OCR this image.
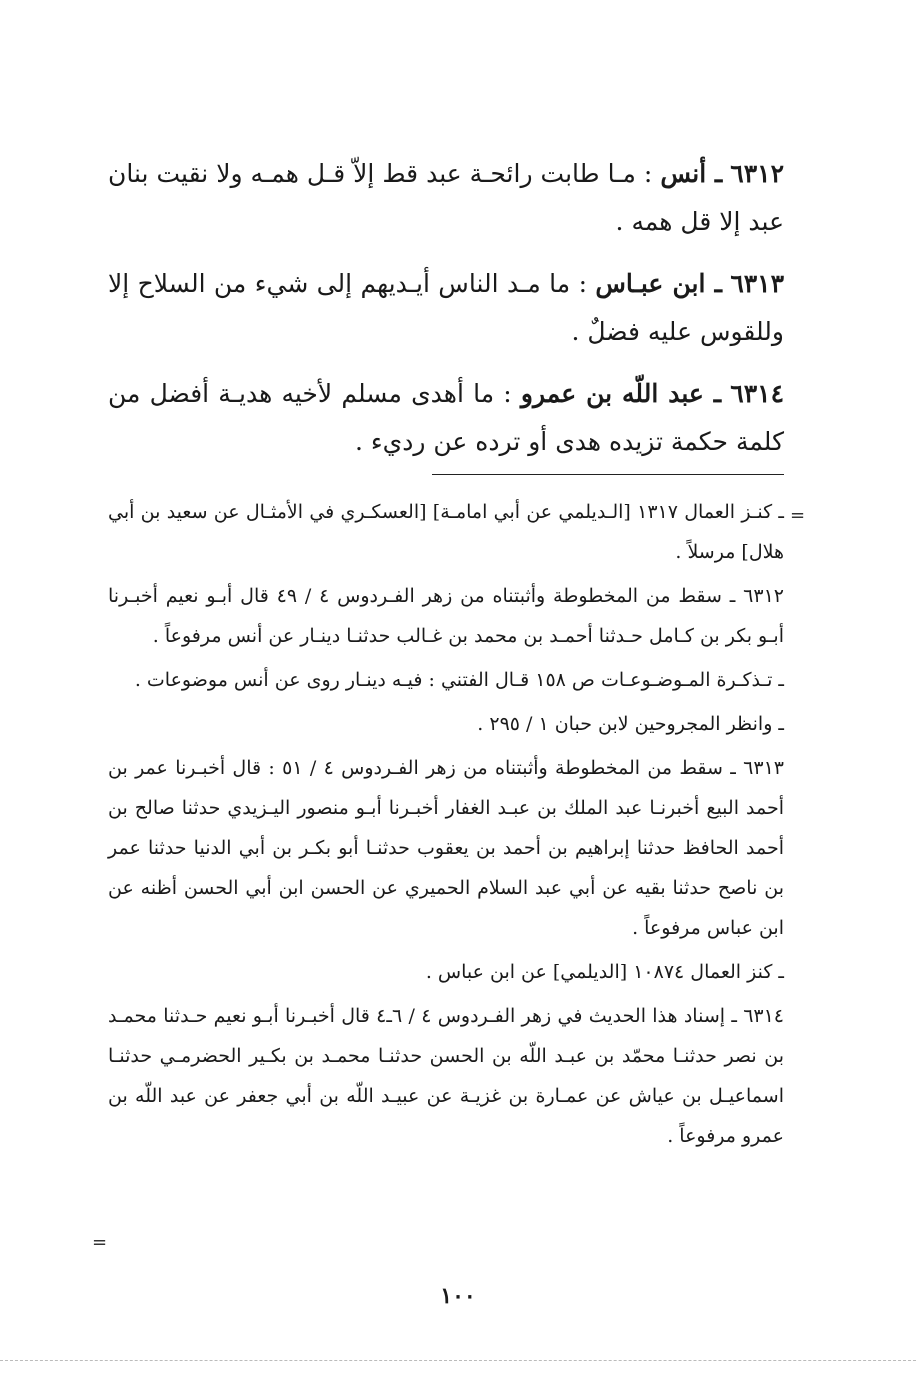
٦٣١٢ ـ أنس : مـا طابت رائحـة عبد قط إلاّ قـل همـه ولا نقيت بنان عبد إلا قل همه .

٦٣١٣ ـ ابن عبـاس : ما مـد الناس أيـديهم إلى شيء من السلاح إلا وللقوس عليه فضلٌ .

٦٣١٤ ـ عبد اللّه بن عمرو : ما أهدى مسلم لأخيه هديـة أفضل من كلمة حكمة تزيده هدى أو ترده عن رديء .

=

ـ كنـز العمال ١٣١٧ [الـديلمي عن أبي امامـة] [العسكـري في الأمثـال عن سعيد بن أبي هلال] مرسلاً .

٦٣١٢ ـ سقط من المخطوطة وأثبتناه من زهر الفـردوس ٤ / ٤٩ قال أبـو نعيم أخبـرنا أبـو بكر بن كـامل حـدثنا أحمـد بن محمد بن غـالب حدثنـا دينـار عن أنس مرفوعاً .

ـ تـذكـرة المـوضـوعـات ص ١٥٨ قـال الفتني : فيـه دينـار روى عن أنس موضوعات .

ـ وانظر المجروحين لابن حبان ١ / ٢٩٥ .

٦٣١٣ ـ سقط من المخطوطة وأثبتناه من زهر الفـردوس ٤ / ٥١ : قال أخبـرنا عمر بن أحمد البيع أخبرنـا عبد الملك بن عبـد الغفار أخبـرنا أبـو منصور اليـزيدي حدثنا صالح بن أحمد الحافظ حدثنا إبراهيم بن أحمد بن يعقوب حدثنـا أبو بكـر بن أبي الدنيا حدثنا عمر بن ناصح حدثنا بقيه عن أبي عبد السلام الحميري عن الحسن ابن أبي الحسن أظنه عن ابن عباس مرفوعاً .

ـ كنز العمال ١٠٨٧٤ [الديلمي] عن ابن عباس .

٦٣١٤ ـ إسناد هذا الحديث في زهر الفـردوس ٤ / ٦ـ٤ قال أخبـرنا أبـو نعيم حـدثنا محمـد بن نصر حدثنـا محمّد بن عبـد اللّه بن الحسن حدثنـا محمـد بن بكـير الحضرمـي حدثنـا اسماعيـل بن عياش عن عمـارة بن غزيـة عن عبيـد اللّه بن أبي جعفر عن عبد اللّه بن عمرو مرفوعاً .

=
١٠٠
